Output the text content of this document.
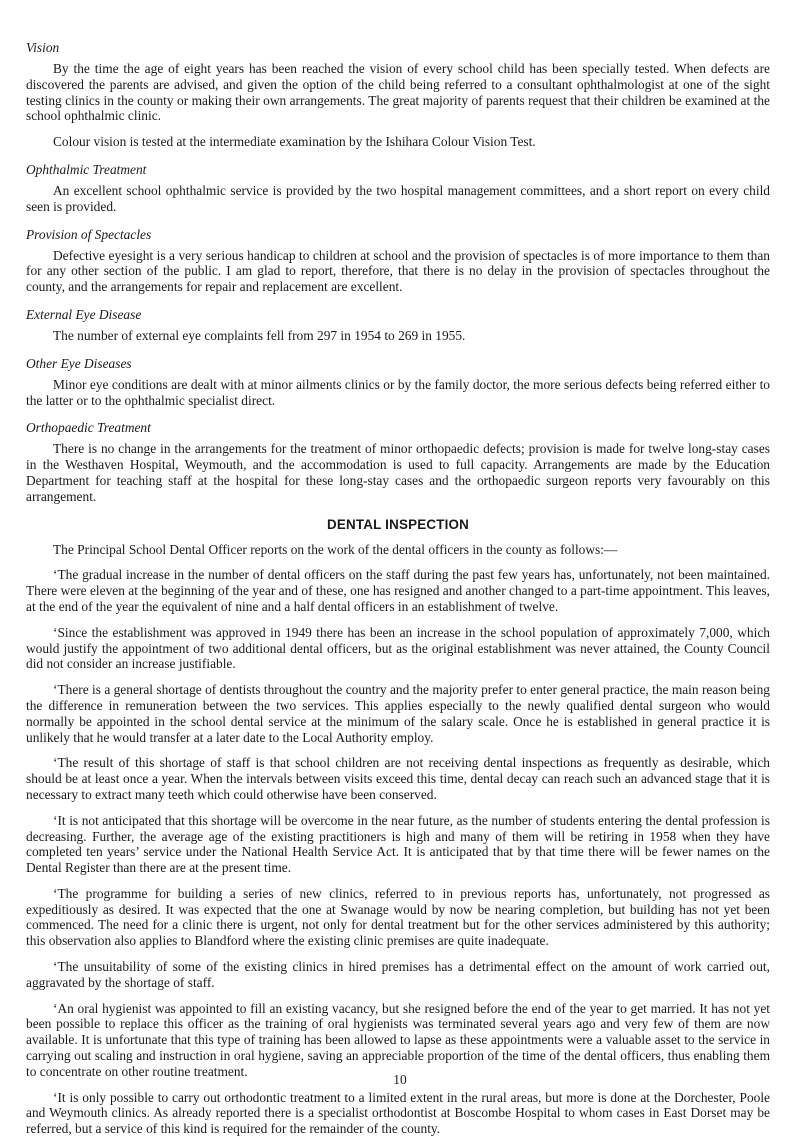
Vision

By the time the age of eight years has been reached the vision of every school child has been specially tested. When defects are discovered the parents are advised, and given the option of the child being referred to a consultant ophthalmologist at one of the sight testing clinics in the county or making their own arrangements. The great majority of parents request that their children be examined at the school ophthalmic clinic.

Colour vision is tested at the intermediate examination by the Ishihara Colour Vision Test.

Ophthalmic Treatment

An excellent school ophthalmic service is provided by the two hospital management committees, and a short report on every child seen is provided.

Provision of Spectacles

Defective eyesight is a very serious handicap to children at school and the provision of spectacles is of more importance to them than for any other section of the public. I am glad to report, therefore, that there is no delay in the provision of spectacles throughout the county, and the arrangements for repair and replacement are excellent.

External Eye Disease

The number of external eye complaints fell from 297 in 1954 to 269 in 1955.

Other Eye Diseases

Minor eye conditions are dealt with at minor ailments clinics or by the family doctor, the more serious defects being referred either to the latter or to the ophthalmic specialist direct.

Orthopaedic Treatment

There is no change in the arrangements for the treatment of minor orthopaedic defects; provision is made for twelve long-stay cases in the Westhaven Hospital, Weymouth, and the accommodation is used to full capacity. Arrangements are made by the Education Department for teaching staff at the hospital for these long-stay cases and the orthopaedic surgeon reports very favourably on this arrangement.

DENTAL INSPECTION

The Principal School Dental Officer reports on the work of the dental officers in the county as follows:—

‘The gradual increase in the number of dental officers on the staff during the past few years has, unfortunately, not been maintained. There were eleven at the beginning of the year and of these, one has resigned and another changed to a part-time appointment. This leaves, at the end of the year the equivalent of nine and a half dental officers in an establishment of twelve.

‘Since the establishment was approved in 1949 there has been an increase in the school population of approximately 7,000, which would justify the appointment of two additional dental officers, but as the original establishment was never attained, the County Council did not consider an increase justifiable.

‘There is a general shortage of dentists throughout the country and the majority prefer to enter general practice, the main reason being the difference in remuneration between the two services. This applies especially to the newly qualified dental surgeon who would normally be appointed in the school dental service at the minimum of the salary scale. Once he is established in general practice it is unlikely that he would transfer at a later date to the Local Authority employ.

‘The result of this shortage of staff is that school children are not receiving dental inspections as frequently as desirable, which should be at least once a year. When the intervals between visits exceed this time, dental decay can reach such an advanced stage that it is necessary to extract many teeth which could otherwise have been conserved.

‘It is not anticipated that this shortage will be overcome in the near future, as the number of students entering the dental profession is decreasing. Further, the average age of the existing practitioners is high and many of them will be retiring in 1958 when they have completed ten years’ service under the National Health Service Act. It is anticipated that by that time there will be fewer names on the Dental Register than there are at the present time.

‘The programme for building a series of new clinics, referred to in previous reports has, unfortunately, not progressed as expeditiously as desired. It was expected that the one at Swanage would by now be nearing completion, but building has not yet been commenced. The need for a clinic there is urgent, not only for dental treatment but for the other services administered by this authority; this observation also applies to Blandford where the existing clinic premises are quite inadequate.

‘The unsuitability of some of the existing clinics in hired premises has a detrimental effect on the amount of work carried out, aggravated by the shortage of staff.

‘An oral hygienist was appointed to fill an existing vacancy, but she resigned before the end of the year to get married. It has not yet been possible to replace this officer as the training of oral hygienists was terminated several years ago and very few of them are now available. It is unfortunate that this type of training has been allowed to lapse as these appointments were a valuable asset to the service in carrying out scaling and instruction in oral hygiene, saving an appreciable proportion of the time of the dental officers, thus enabling them to concentrate on other routine treatment.

‘It is only possible to carry out orthodontic treatment to a limited extent in the rural areas, but more is done at the Dorchester, Poole and Weymouth clinics. As already reported there is a specialist orthodontist at Boscombe Hospital to whom cases in East Dorset may be referred, but a service of this kind is required for the remainder of the county.

10
